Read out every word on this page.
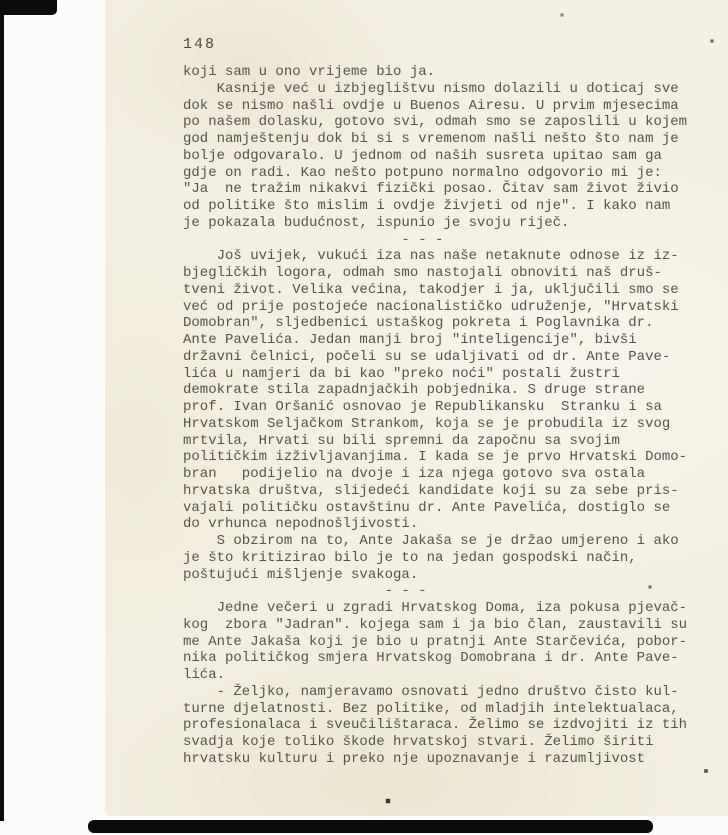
148
koji sam u ono vrijeme bio ja.
Kasnije već u izbjeglištvu nismo dolazili u doticaj sve
dok se nismo našli ovdje u Buenos Airesu. U prvim mjesecima
po našem dolasku, gotovo svi, odmah smo se zaposlili u kojem
god namještenju dok bi si s vremenom našli nešto što nam je
bolje odgovaralo. U jednom od naših susreta upitao sam ga
gdje on radi. Kao nešto potpuno normalno odgovorio mi je:
"Ja  ne tražim nikakvi fizički posao. Čitav sam život živio
od politike što mislim i ovdje živjeti od nje". I kako nam
je pokazala budućnost, ispunio je svoju riječ.
- - -
Još uvijek, vukući iza nas naše netaknute odnose iz iz-
bjegličkih logora, odmah smo nastojali obnoviti naš druš-
tveni život. Velika većina, takodjer i ja, uključili smo se
već od prije postojeće nacionalističko udruženje, "Hrvatski
Domobran", sljedbenici ustaškog pokreta i Poglavnika dr.
Ante Pavelića. Jedan manji broj "inteligencije", bivši
državni čelnici, počeli su se udaljivati od dr. Ante Pave-
lića u namjeri da bi kao "preko noći" postali žustri
demokrate stila zapadnjačkih pobjednika. S druge strane
prof. Ivan Oršanić osnovao je Republikansku  Stranku i sa
Hrvatskom Seljačkom Strankom, koja se je probudila iz svog
mrtvila, Hrvati su bili spremni da započnu sa svojim
političkim izživljavanjima. I kada se je prvo Hrvatski Domo-
bran   podijelio na dvoje i iza njega gotovo sva ostala
hrvatska društva, slijedeći kandidate koji su za sebe pris-
vajali političku ostavštinu dr. Ante Pavelića, dostiglo se
do vrhunca nepodnošljivosti.
S obzirom na to, Ante Jakaša se je držao umjereno i ako
je što kritizirao bilo je to na jedan gospodski način,
poštujući mišljenje svakoga.
- - -
Jedne večeri u zgradi Hrvatskog Doma, iza pokusa pjevač-
kog  zbora "Jadran". kojega sam i ja bio član, zaustavili su
me Ante Jakaša koji je bio u pratnji Ante Starčevića, pobor-
nika političkog smjera Hrvatskog Domobrana i dr. Ante Pave-
lića.
- Željko, namjeravamo osnovati jedno društvo čisto kul-
turne djelatnosti. Bez politike, od mladjih intelektualaca,
profesionalaca i sveučilištaraca. Želimo se izdvojiti iz tih
svadja koje toliko škode hrvatskoj stvari. Želimo širiti
hrvatsku kulturu i preko nje upoznavanje i razumljivost
